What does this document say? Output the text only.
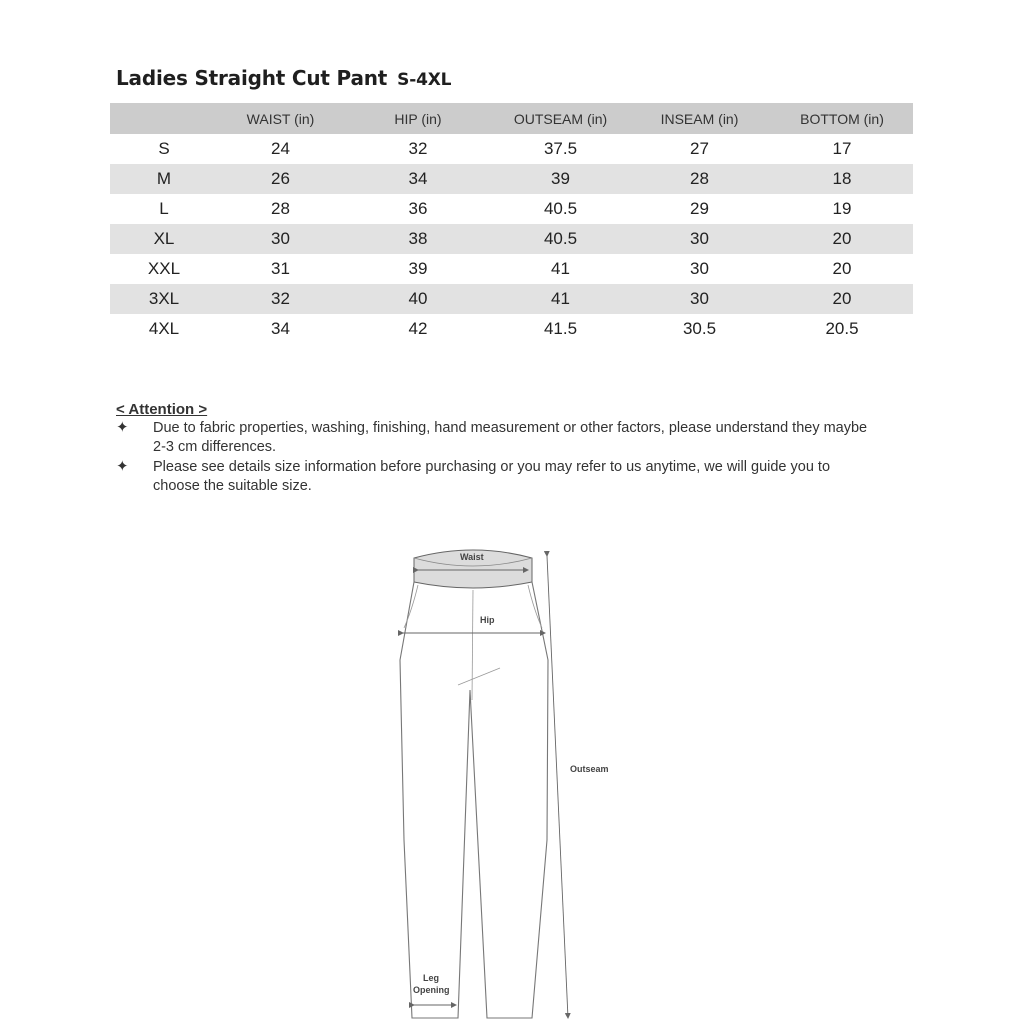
Ladies Straight Cut Pant S-4XL
	WAIST (in)	HIP (in)	OUTSEAM (in)	INSEAM (in)	BOTTOM (in)
S	24	32	37.5	27	17
M	26	34	39	28	18
L	28	36	40.5	29	19
XL	30	38	40.5	30	20
XXL	31	39	41	30	20
3XL	32	40	41	30	20
4XL	34	42	41.5	30.5	20.5
< Attention >
✦ Due to fabric properties, washing, finishing, hand measurement or other factors, please understand they maybe 2-3 cm differences.
✦ Please see details size information before purchasing or you may refer to us anytime, we will guide you to choose the suitable size.
Waist
Hip
Outseam
Leg
Opening
